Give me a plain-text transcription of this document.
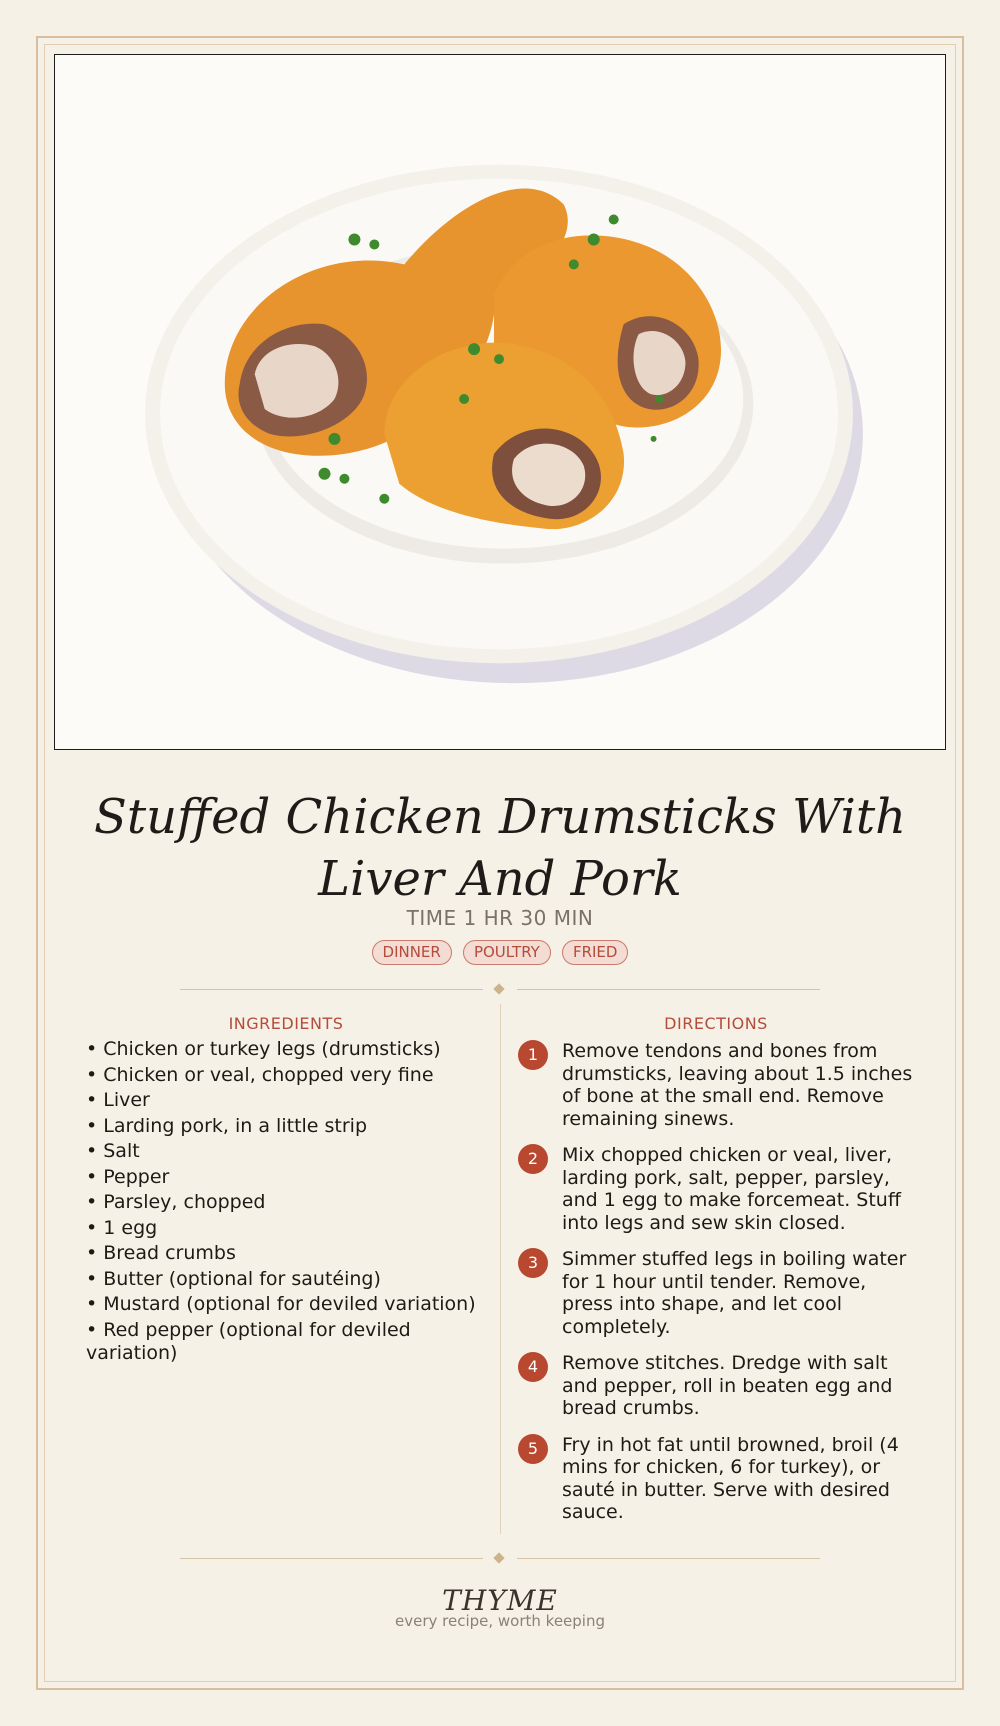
Stuffed Chicken Drumsticks With Liver And Pork
TIME 1 HR 30 MIN
DINNER POULTRY FRIED
INGREDIENTS	DIRECTIONS
• Chicken or turkey legs (drumsticks)
• Chicken or veal, chopped very fine
• Liver
• Larding pork, in a little strip
• Salt
• Pepper
• Parsley, chopped
• 1 egg
• Bread crumbs
• Butter (optional for sautéing)
• Mustard (optional for deviled variation)
• Red pepper (optional for deviled variation)
1	Remove tendons and bones from drumsticks, leaving about 1.5 inches of bone at the small end. Remove remaining sinews.
2	Mix chopped chicken or veal, liver, larding pork, salt, pepper, parsley, and 1 egg to make forcemeat. Stuff into legs and sew skin closed.
3	Simmer stuffed legs in boiling water for 1 hour until tender. Remove, press into shape, and let cool completely.
4	Remove stitches. Dredge with salt and pepper, roll in beaten egg and bread crumbs.
5	Fry in hot fat until browned, broil (4 mins for chicken, 6 for turkey), or sauté in butter. Serve with desired sauce.
THYME
every recipe, worth keeping
